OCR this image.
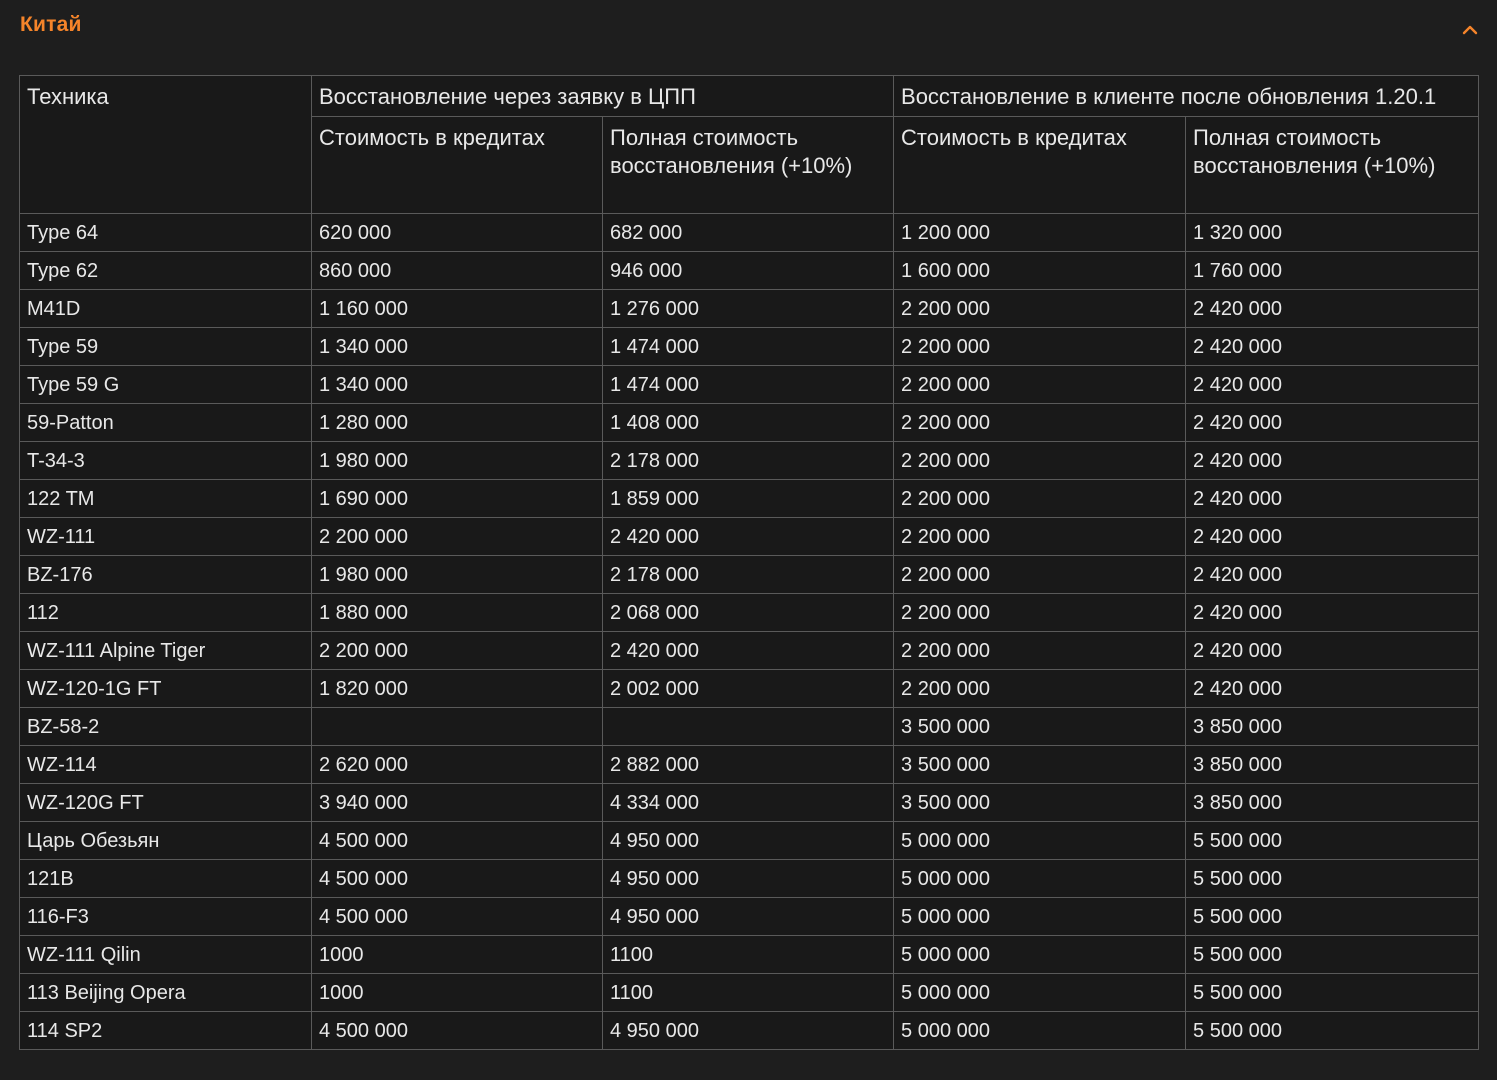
Китай
Техника	Восстановление через заявку в ЦПП		Восстановление в клиенте после обновления 1.20.1	
	Стоимость в кредитах	Полная стоимость восстановления (+10%)	Стоимость в кредитах	Полная стоимость восстановления (+10%)
Type 64	620 000	682 000	1 200 000	1 320 000
Type 62	860 000	946 000	1 600 000	1 760 000
M41D	1 160 000	1 276 000	2 200 000	2 420 000
Type 59	1 340 000	1 474 000	2 200 000	2 420 000
Type 59 G	1 340 000	1 474 000	2 200 000	2 420 000
59-Patton	1 280 000	1 408 000	2 200 000	2 420 000
T-34-3	1 980 000	2 178 000	2 200 000	2 420 000
122 TM	1 690 000	1 859 000	2 200 000	2 420 000
WZ-111	2 200 000	2 420 000	2 200 000	2 420 000
BZ-176	1 980 000	2 178 000	2 200 000	2 420 000
112	1 880 000	2 068 000	2 200 000	2 420 000
WZ-111 Alpine Tiger	2 200 000	2 420 000	2 200 000	2 420 000
WZ-120-1G FT	1 820 000	2 002 000	2 200 000	2 420 000
BZ-58-2			3 500 000	3 850 000
WZ-114	2 620 000	2 882 000	3 500 000	3 850 000
WZ-120G FT	3 940 000	4 334 000	3 500 000	3 850 000
Царь Обезьян	4 500 000	4 950 000	5 000 000	5 500 000
121B	4 500 000	4 950 000	5 000 000	5 500 000
116-F3	4 500 000	4 950 000	5 000 000	5 500 000
WZ-111 Qilin	1000	1100	5 000 000	5 500 000
113 Beijing Opera	1000	1100	5 000 000	5 500 000
114 SP2	4 500 000	4 950 000	5 000 000	5 500 000
